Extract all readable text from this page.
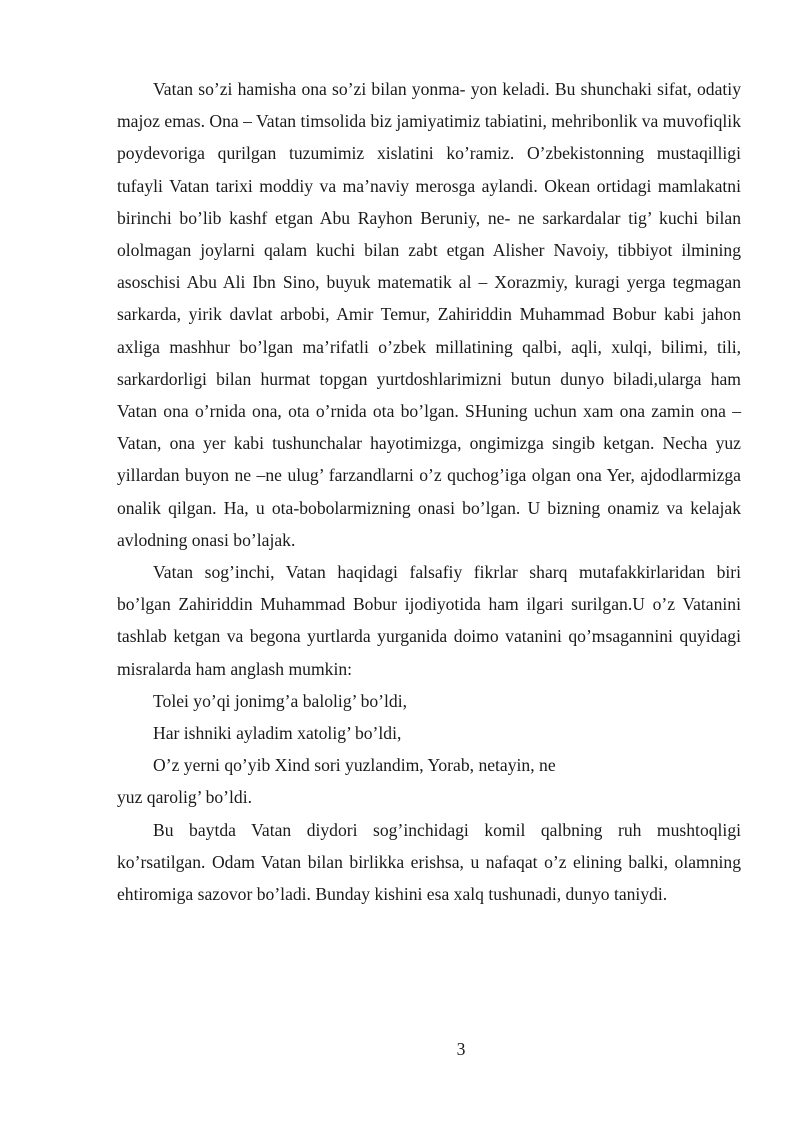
Vatan so’zi hamisha ona so’zi bilan yonma- yon keladi. Bu shunchaki sifat, odatiy majoz emas. Ona – Vatan timsolida biz jamiyatimiz tabiatini, mehribonlik va muvofiqlik poydevoriga qurilgan tuzumimiz xislatini ko’ramiz. O’zbekistonning mustaqilligi tufayli Vatan tarixi moddiy va ma’naviy merosga aylandi. Okean ortidagi mamlakatni birinchi bo’lib kashf etgan Abu Rayhon Beruniy, ne- ne sarkardalar tig’ kuchi bilan ololmagan joylarni qalam kuchi bilan zabt etgan Alisher Navoiy, tibbiyot ilmining asoschisi Abu Ali Ibn Sino, buyuk matematik al – Xorazmiy, kuragi yerga tegmagan sarkarda, yirik davlat arbobi, Amir Temur, Zahiriddin Muhammad Bobur kabi jahon axliga mashhur bo’lgan ma’rifatli o’zbek millatining qalbi, aqli, xulqi, bilimi, tili, sarkardorligi bilan hurmat topgan yurtdoshlarimizni butun dunyo biladi,ularga ham Vatan ona o’rnida ona, ota o’rnida ota bo’lgan. SHuning uchun xam ona zamin ona –Vatan, ona yer kabi tushunchalar hayotimizga, ongimizga singib ketgan. Necha yuz yillardan buyon ne –ne ulug’ farzandlarni o’z quchog’iga olgan ona Yer, ajdodlarmizga onalik qilgan. Ha, u ota-bobolarmizning onasi bo’lgan. U bizning onamiz va kelajak avlodning onasi bo’lajak.

Vatan sog’inchi, Vatan haqidagi falsafiy fikrlar sharq mutafakkirlaridan biri bo’lgan Zahiriddin Muhammad Bobur ijodiyotida ham ilgari surilgan.U o’z Vatanini tashlab ketgan va begona yurtlarda yurganida doimo vatanini qo’msagannini quyidagi misralarda ham anglash mumkin:

Tolei yo’qi jonimg’a balolig’ bo’ldi,

Har ishniki ayladim xatolig’ bo’ldi,

O’z yerni qo’yib Xind sori yuzlandim, Yorab, netayin, ne

yuz qarolig’ bo’ldi.

Bu baytda Vatan diydori sog’inchidagi komil qalbning ruh mushtoqligi ko’rsatilgan. Odam Vatan bilan birlikka erishsa, u nafaqat o’z elining balki, olamning ehtiromiga sazovor bo’ladi. Bunday kishini esa xalq tushunadi, dunyo taniydi.

3
